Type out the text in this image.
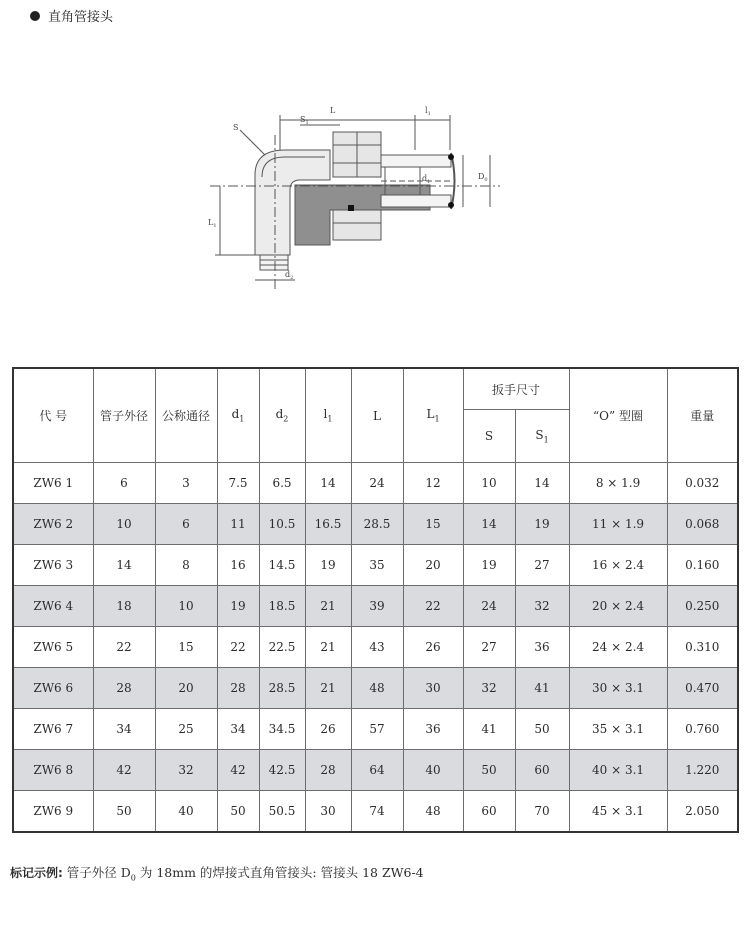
直角管接头
L	$l_1$
S
$S_1$
$d_1$
$D_0$
$L_1$
$d_2$
代 号	管子外径	公称通径	$d_1$	$d_2$	$l_1$	L	$L_1$	扳手尺寸		“O” 型圈	重量
								S	$S_1$
ZW6 1	6	3	7.5	6.5	14	24	12	10	14	8 × 1.9	0.032
ZW6 2	10	6	11	10.5	16.5	28.5	15	14	19	11 × 1.9	0.068
ZW6 3	14	8	16	14.5	19	35	20	19	27	16 × 2.4	0.160
ZW6 4	18	10	19	18.5	21	39	22	24	32	20 × 2.4	0.250
ZW6 5	22	15	22	22.5	21	43	26	27	36	24 × 2.4	0.310
ZW6 6	28	20	28	28.5	21	48	30	32	41	30 × 3.1	0.470
ZW6 7	34	25	34	34.5	26	57	36	41	50	35 × 3.1	0.760
ZW6 8	42	32	42	42.5	28	64	40	50	60	40 × 3.1	1.220
ZW6 9	50	40	50	50.5	30	74	48	60	70	45 × 3.1	2.050
标记示例: 管子外径 $D_0$ 为 18mm 的焊接式直角管接头: 管接头 18 ZW6-4
